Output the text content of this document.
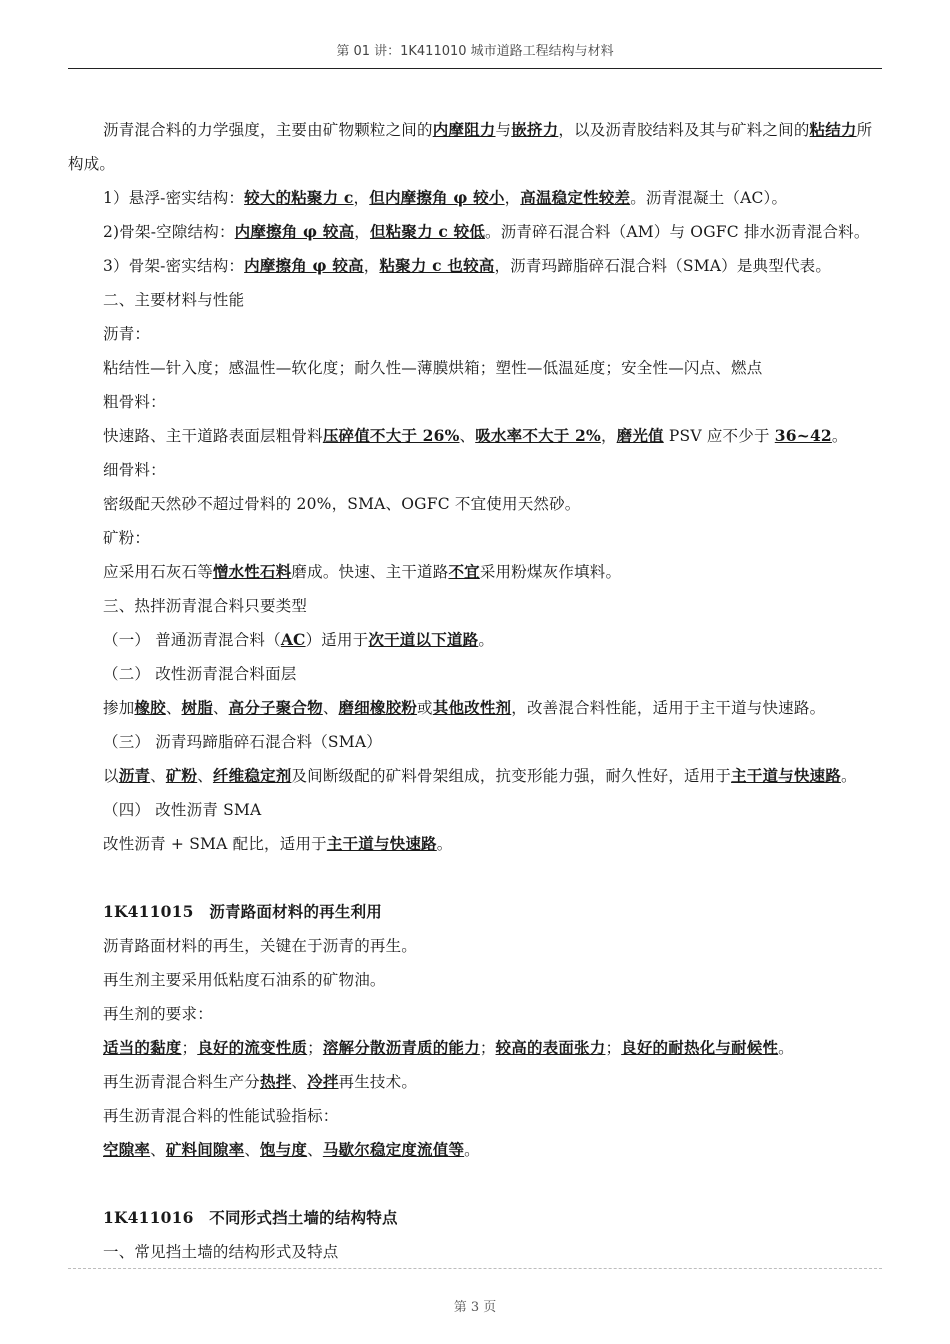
第 01 讲：1K411010 城市道路工程结构与材料

沥青混合料的力学强度，主要由矿物颗粒之间的内摩阻力与嵌挤力，以及沥青胶结料及其与矿料之间的粘结力所构成。

1）悬浮-密实结构：较大的粘聚力 c，但内摩擦角 φ 较小，高温稳定性较差。沥青混凝土（AC）。

2)骨架-空隙结构：内摩擦角 φ 较高，但粘聚力 c 较低。沥青碎石混合料（AM）与 OGFC 排水沥青混合料。

3）骨架-密实结构：内摩擦角 φ 较高，粘聚力 c 也较高，沥青玛蹄脂碎石混合料（SMA）是典型代表。

二、主要材料与性能

沥青：

粘结性—针入度；感温性—软化度；耐久性—薄膜烘箱；塑性—低温延度；安全性—闪点、燃点

粗骨料：

快速路、主干道路表面层粗骨料压碎值不大于 26%、吸水率不大于 2%，磨光值 PSV 应不少于 36~42。

细骨料：

密级配天然砂不超过骨料的 20%，SMA、OGFC 不宜使用天然砂。

矿粉：

应采用石灰石等憎水性石料磨成。快速、主干道路不宜采用粉煤灰作填料。

三、热拌沥青混合料只要类型

（一） 普通沥青混合料（AC）适用于次干道以下道路。

（二） 改性沥青混合料面层

掺加橡胶、树脂、高分子聚合物、磨细橡胶粉或其他改性剂，改善混合料性能，适用于主干道与快速路。

（三） 沥青玛蹄脂碎石混合料（SMA）

以沥青、矿粉、纤维稳定剂及间断级配的矿料骨架组成，抗变形能力强，耐久性好，适用于主干道与快速路。

（四） 改性沥青 SMA

改性沥青 + SMA 配比，适用于主干道与快速路。

1K411015　沥青路面材料的再生利用

沥青路面材料的再生，关键在于沥青的再生。

再生剂主要采用低粘度石油系的矿物油。

再生剂的要求：

适当的黏度；良好的流变性质；溶解分散沥青质的能力；较高的表面张力；良好的耐热化与耐候性。

再生沥青混合料生产分热拌、冷拌再生技术。

再生沥青混合料的性能试验指标：

空隙率、矿料间隙率、饱与度、马歇尔稳定度流值等。

1K411016　不同形式挡土墙的结构特点

一、常见挡土墙的结构形式及特点

第 3 页
